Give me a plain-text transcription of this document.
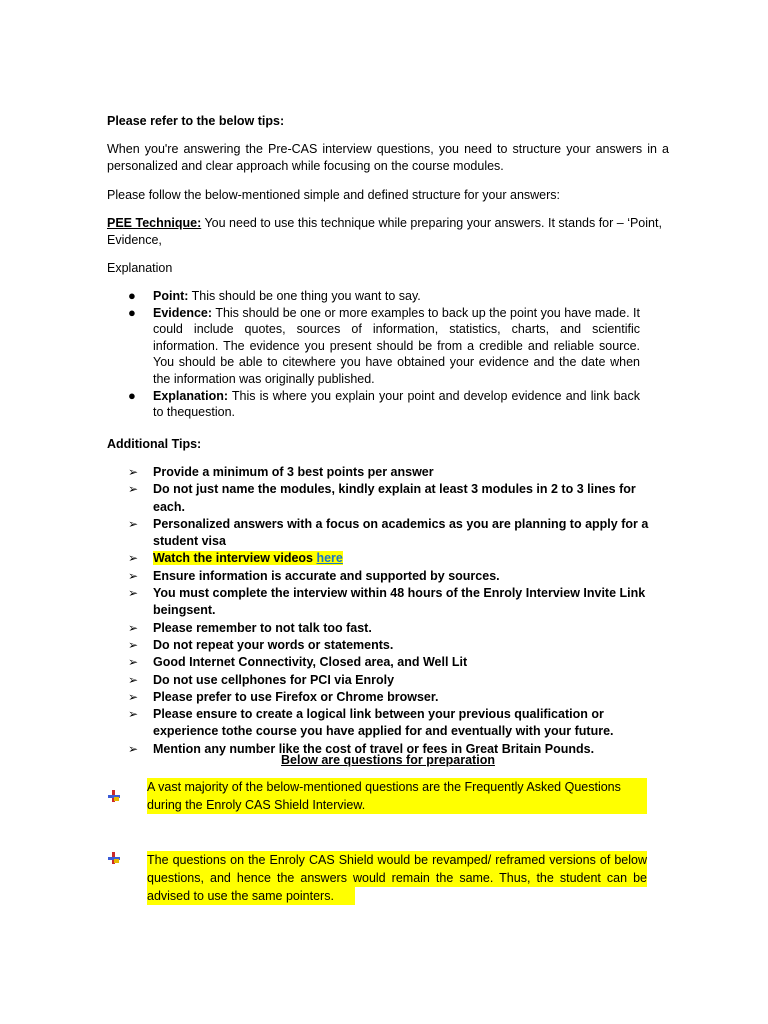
Please refer to the below tips:

When you're answering the Pre-CAS interview questions, you need to structure your answers in a personalized and clear approach while focusing on the course modules.

Please follow the below-mentioned simple and defined structure for your answers:

PEE Technique: You need to use this technique while preparing your answers. It stands for – ‘Point, Evidence,

Explanation

● Point: This should be one thing you want to say.
● Evidence: This should be one or more examples to back up the point you have made. It could include quotes, sources of information, statistics, charts, and scientific information. The evidence you present should be from a credible and reliable source. You should be able to citewhere you have obtained your evidence and the date when the information was originally published.
● Explanation: This is where you explain your point and develop evidence and link back to thequestion.

Additional Tips:

➢ Provide a minimum of 3 best points per answer
➢ Do not just name the modules, kindly explain at least 3 modules in 2 to 3 lines for each.
➢ Personalized answers with a focus on academics as you are planning to apply for a student visa
➢ Watch the interview videos here
➢ Ensure information is accurate and supported by sources.
➢ You must complete the interview within 48 hours of the Enroly Interview Invite Link beingsent.
➢ Please remember to not talk too fast.
➢ Do not repeat your words or statements.
➢ Good Internet Connectivity, Closed area, and Well Lit
➢ Do not use cellphones for PCI via Enroly
➢ Please prefer to use Firefox or Chrome browser.
➢ Please ensure to create a logical link between your previous qualification or experience tothe course you have applied for and eventually with your future.
➢ Mention any number like the cost of travel or fees in Great Britain Pounds.
Below are questions for preparation

A vast majority of the below-mentioned questions are the Frequently Asked Questions during the Enroly CAS Shield Interview.

The questions on the Enroly CAS Shield would be revamped/ reframed versions of below questions, and hence the answers would remain the same. Thus, the student can be advised to use the same pointers.
